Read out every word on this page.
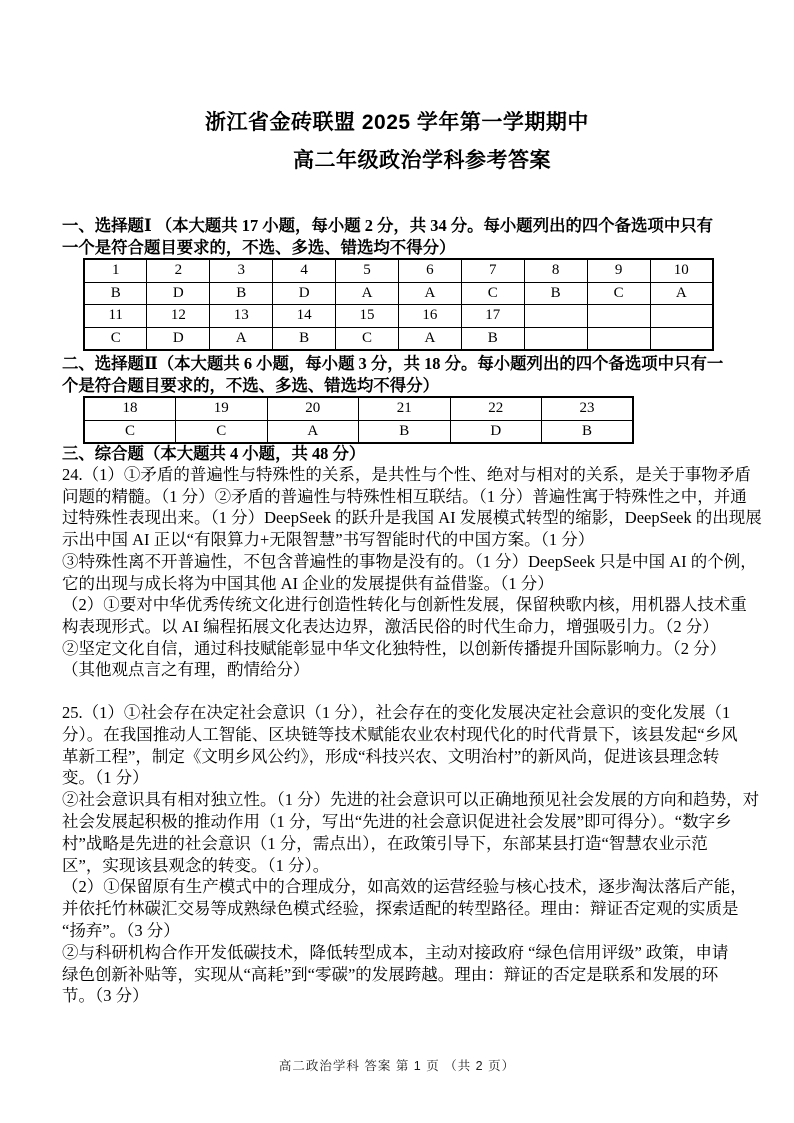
浙江省金砖联盟 2025 学年第一学期期中
高二年级政治学科参考答案
一、选择题Ⅰ （本大题共 17 小题，每小题 2 分，共 34 分。每小题列出的四个备选项中只有
一个是符合题目要求的，不选、多选、错选均不得分）
1	2	3	4	5	6	7	8	9	10
B	D	B	D	A	A	C	B	C	A
11	12	13	14	15	16	17			
C	D	A	B	C	A	B			
二、选择题Ⅱ（本大题共 6 小题，每小题 3 分，共 18 分。每小题列出的四个备选项中只有一
个是符合题目要求的，不选、多选、错选均不得分）
18	19	20	21	22	23
C	C	A	B	D	B
三、综合题（本大题共 4 小题，共 48 分）
24.（1）①矛盾的普遍性与特殊性的关系，是共性与个性、绝对与相对的关系，是关于事物矛盾
问题的精髓。（1 分）②矛盾的普遍性与特殊性相互联结。（1 分）普遍性寓于特殊性之中，并通
过特殊性表现出来。（1 分）DeepSeek 的跃升是我国 AI 发展模式转型的缩影，DeepSeek 的出现展
示出中国 AI 正以“有限算力+无限智慧”书写智能时代的中国方案。（1 分）
③特殊性离不开普遍性，不包含普遍性的事物是没有的。（1 分）DeepSeek 只是中国 AI 的个例，
它的出现与成长将为中国其他 AI 企业的发展提供有益借鉴。（1 分）
（2）①要对中华优秀传统文化进行创造性转化与创新性发展，保留秧歌内核，用机器人技术重
构表现形式。以 AI 编程拓展文化表达边界，激活民俗的时代生命力，增强吸引力。（2 分）
②坚定文化自信，通过科技赋能彰显中华文化独特性，以创新传播提升国际影响力。（2 分）
（其他观点言之有理，酌情给分）
25.（1）①社会存在决定社会意识（1 分），社会存在的变化发展决定社会意识的变化发展（1
分）。在我国推动人工智能、区块链等技术赋能农业农村现代化的时代背景下，该县发起“乡风
革新工程”，制定《文明乡风公约》，形成“科技兴农、文明治村”的新风尚，促进该县理念转
变。（1 分）
②社会意识具有相对独立性。（1 分）先进的社会意识可以正确地预见社会发展的方向和趋势，对
社会发展起积极的推动作用（1 分，写出“先进的社会意识促进社会发展”即可得分）。“数字乡
村”战略是先进的社会意识（1 分，需点出），在政策引导下，东部某县打造“智慧农业示范
区”，实现该县观念的转变。（1 分）。
（2）①保留原有生产模式中的合理成分，如高效的运营经验与核心技术，逐步淘汰落后产能，
并依托竹林碳汇交易等成熟绿色模式经验，探索适配的转型路径。理由：辩证否定观的实质是
“扬弃”。（3 分）
②与科研机构合作开发低碳技术，降低转型成本，主动对接政府 “绿色信用评级” 政策，申请
绿色创新补贴等，实现从“高耗”到“零碳”的发展跨越。理由：辩证的否定是联系和发展的环
节。（3 分）
高二政治学科 答案 第 1 页 （共 2 页）
